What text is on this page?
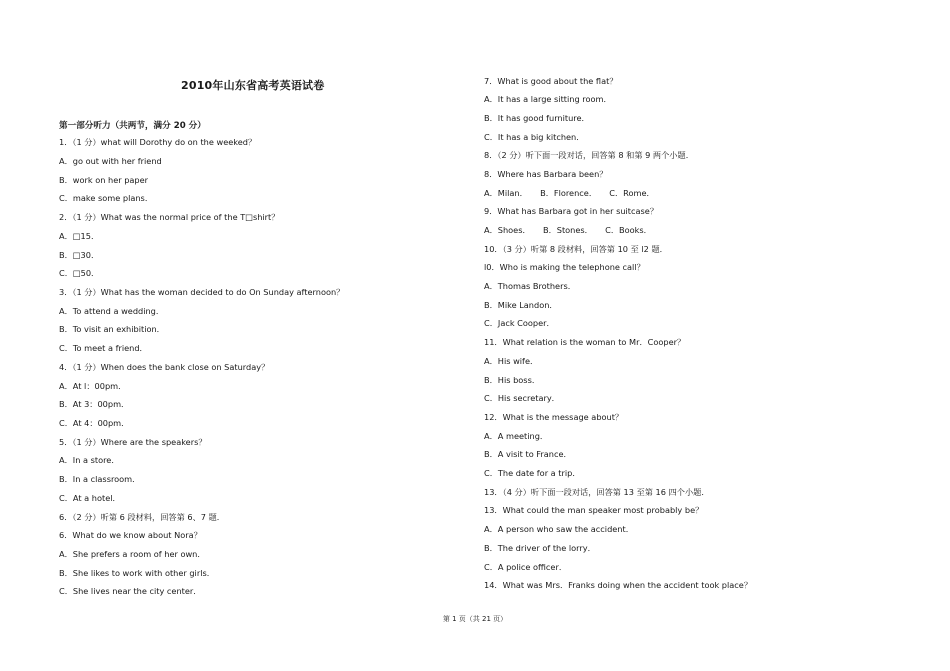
2010年山东省高考英语试卷
第一部分听力（共两节，满分 20 分）
1．（1 分）what will Dorothy do on the weeked？
A．go out with her friend
B．work on her paper
C．make some plans．
2．（1 分）What was the normal price of the T□shirt？
A．□15．
B．□30．
C．□50．
3．（1 分）What has the woman decided to do On Sunday afternoon？
A．To attend a wedding．
B．To visit an exhibition．
C．To meet a friend．
4．（1 分）When does the bank close on Saturday？
A．At l：00pm．
B．At 3：00pm．
C．At 4：00pm．
5．（1 分）Where are the speakers？
A．In a store．
B．In a classroom．
C．At a hotel．
6．（2 分）听第 6 段材料，回答第 6、7 题．
6．What do we know about Nora？
A．She prefers a room of her own．
B．She likes to work with other girls．
C．She lives near the city center．
7．What is good about the flat？
A．It has a large sitting room．
B．It has good furniture．
C．It has a big kitchen．
8．（2 分）听下面一段对话，回答第 8 和第 9 两个小题．
8．Where has Barbara been？
A．Milan．　　B．Florence．　　C．Rome．
9．What has Barbara got in her suitcase？
A．Shoes．　　B．Stones．　　C．Books．
10．（3 分）听第 8 段材料，回答第 10 至 l2 题．
l0．Who is making the telephone call？
A．Thomas Brothers．
B．Mike Landon．
C．Jack Cooper．
11．What relation is the woman to Mr．Cooper？
A．His wife．
B．His boss．
C．His secretary．
12．What is the message about？
A．A meeting．
B．A visit to France．
C．The date for a trip．
13．（4 分）听下面一段对话，回答第 13 至第 16 四个小题．
13．What could the man speaker most probably be？
A．A person who saw the accident．
B．The driver of the lorry．
C．A police officer．
14．What was Mrs．Franks doing when the accident took place？
第 1 页（共 21 页）
